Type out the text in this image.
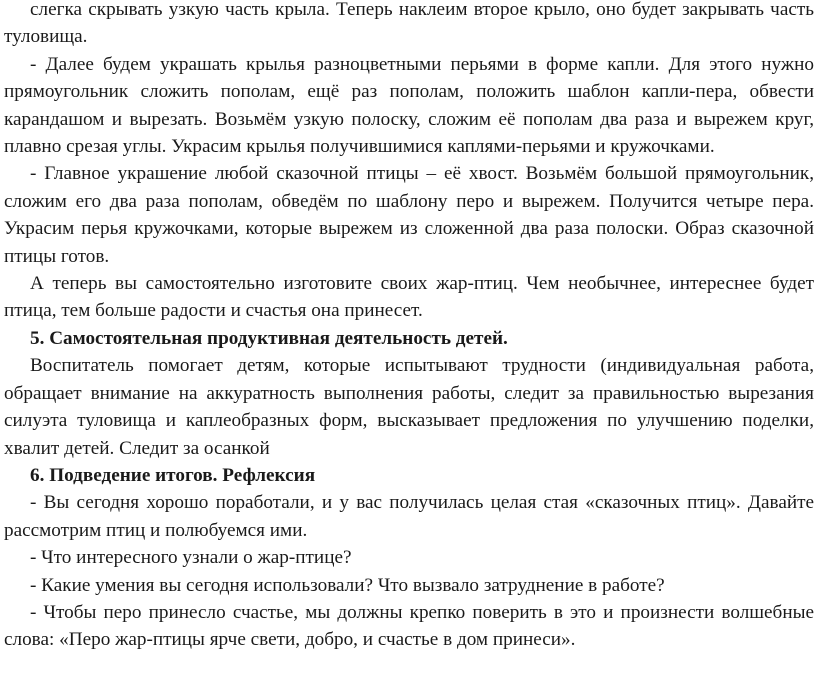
слегка скрывать узкую часть крыла. Теперь наклеим второе крыло, оно будет закрывать часть туловища.

- Далее будем украшать крылья разноцветными перьями в форме капли. Для этого нужно прямоугольник сложить пополам, ещё раз пополам, положить шаблон капли-пера, обвести карандашом и вырезать. Возьмём узкую полоску, сложим её пополам два раза и вырежем круг, плавно срезая углы. Украсим крылья получившимися каплями-перьями и кружочками.

- Главное украшение любой сказочной птицы – её хвост. Возьмём большой прямоугольник, сложим его два раза пополам, обведём по шаблону перо и вырежем. Получится четыре пера. Украсим перья кружочками, которые вырежем из сложенной два раза полоски. Образ сказочной птицы готов.

А теперь вы самостоятельно изготовите своих жар-птиц. Чем необычнее, интереснее будет птица, тем больше радости и счастья она принесет.

5. Самостоятельная продуктивная деятельность детей.

Воспитатель помогает детям, которые испытывают трудности (индивидуальная работа, обращает внимание на аккуратность выполнения работы, следит за правильностью вырезания силуэта туловища и каплеобразных форм, высказывает предложения по улучшению поделки, хвалит детей. Следит за осанкой

6. Подведение итогов. Рефлексия

- Вы сегодня хорошо поработали, и у вас получилась целая стая «сказочных птиц». Давайте рассмотрим птиц и полюбуемся ими.

- Что интересного узнали о жар-птице?

- Какие умения вы сегодня использовали? Что вызвало затруднение в работе?

- Чтобы перо принесло счастье, мы должны крепко поверить в это и произнести волшебные слова: «Перо жар-птицы ярче свети, добро, и счастье в дом принеси».
